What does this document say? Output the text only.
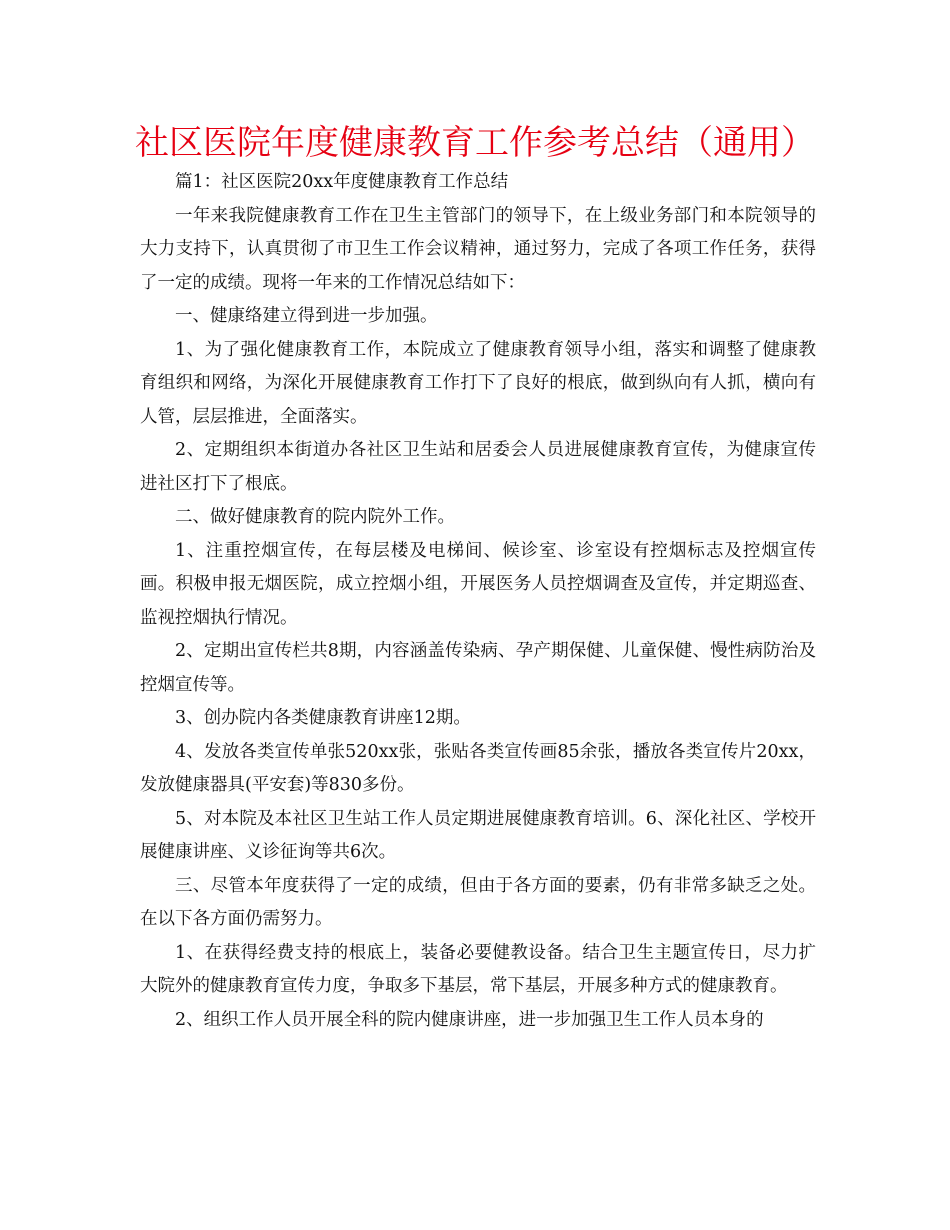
社区医院年度健康教育工作参考总结（通用）

篇1：社区医院20xx年度健康教育工作总结

一年来我院健康教育工作在卫生主管部门的领导下，在上级业务部门和本院领导的大力支持下，认真贯彻了市卫生工作会议精神，通过努力，完成了各项工作任务，获得了一定的成绩。现将一年来的工作情况总结如下：

一、健康络建立得到进一步加强。

1、为了强化健康教育工作，本院成立了健康教育领导小组，落实和调整了健康教育组织和网络，为深化开展健康教育工作打下了良好的根底，做到纵向有人抓，横向有人管，层层推进，全面落实。

2、定期组织本街道办各社区卫生站和居委会人员进展健康教育宣传，为健康宣传进社区打下了根底。

二、做好健康教育的院内院外工作。

1、注重控烟宣传，在每层楼及电梯间、候诊室、诊室设有控烟标志及控烟宣传画。积极申报无烟医院，成立控烟小组，开展医务人员控烟调查及宣传，并定期巡查、监视控烟执行情况。

2、定期出宣传栏共8期，内容涵盖传染病、孕产期保健、儿童保健、慢性病防治及控烟宣传等。

3、创办院内各类健康教育讲座12期。

4、发放各类宣传单张520xx张，张贴各类宣传画85余张，播放各类宣传片20xx，发放健康器具(平安套)等830多份。

5、对本院及本社区卫生站工作人员定期进展健康教育培训。6、深化社区、学校开展健康讲座、义诊征询等共6次。

三、尽管本年度获得了一定的成绩，但由于各方面的要素，仍有非常多缺乏之处。在以下各方面仍需努力。

1、在获得经费支持的根底上，装备必要健教设备。结合卫生主题宣传日，尽力扩大院外的健康教育宣传力度，争取多下基层，常下基层，开展多种方式的健康教育。

2、组织工作人员开展全科的院内健康讲座，进一步加强卫生工作人员本身的
